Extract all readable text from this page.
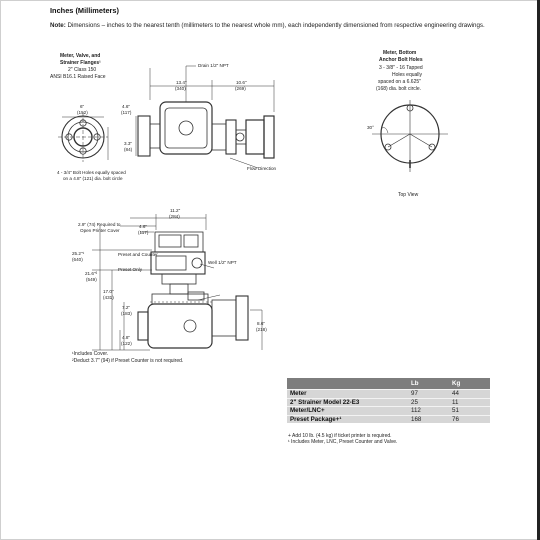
Inches (Millimeters)
Note: Dimensions – inches to the nearest tenth (millimeters to the nearest whole mm), each independently dimensioned from respective engineering drawings.
Meter, Valve, and
Strainer Flanges¹
2" Class 150
ANSI B16.1 Raised Face
Drain 1/2" NPT
13.4"
(340)
10.6"
(269)
6"
(152)
4.6"
(117)
3.3"
(84)
4 - 3/4" Bolt Holes equally spaced
on a 4.8" (121) dia. bolt circle
Flow Direction
Meter, Bottom
Anchor Bolt Holes
3 - 3/8" - 16 Tapped
Holes equally
spaced on a 6.625"
(168) dia. bolt circle.
30°
Top View
11.2"
(284)
2.9" (74) Required to
Open Printer Cover
4.6"
(117)
Preset and Counter
25.2"¹
(640)
Well 1/2" NPT
Preset Only
21.6"²
(549)
17.0"
(431)
7.2"
(183)
8.6"
(218)
4.8"
(122)
¹Includes Cover.
²Deduct 3.7" (94) if Preset Counter is not required.
	Lb	Kg
Meter	97	44
2" Strainer Model 22-E3	25	11
Meter/LNC+	112	51
Preset Package+¹	168	76
+ Add 10 lb. (4.5 kg) if ticket printer is required.
¹ Includes Meter, LNC, Preset Counter and Valve.
